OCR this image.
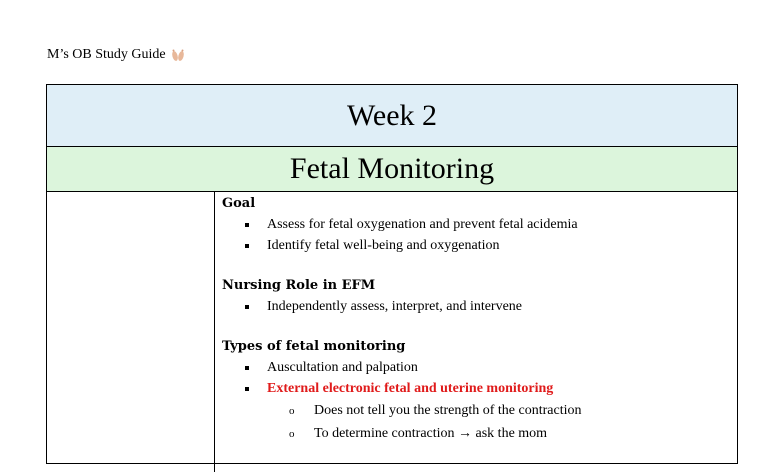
M’s OB Study Guide
Week 2
Fetal Monitoring

Goal

Assess for fetal oxygenation and prevent fetal acidemia
Identify fetal well-being and oxygenation

Nursing Role in EFM

Independently assess, interpret, and intervene

Types of fetal monitoring

Auscultation and palpation
External electronic fetal and uterine monitoring
o Does not tell you the strength of the contraction
o To determine contraction → ask the mom
